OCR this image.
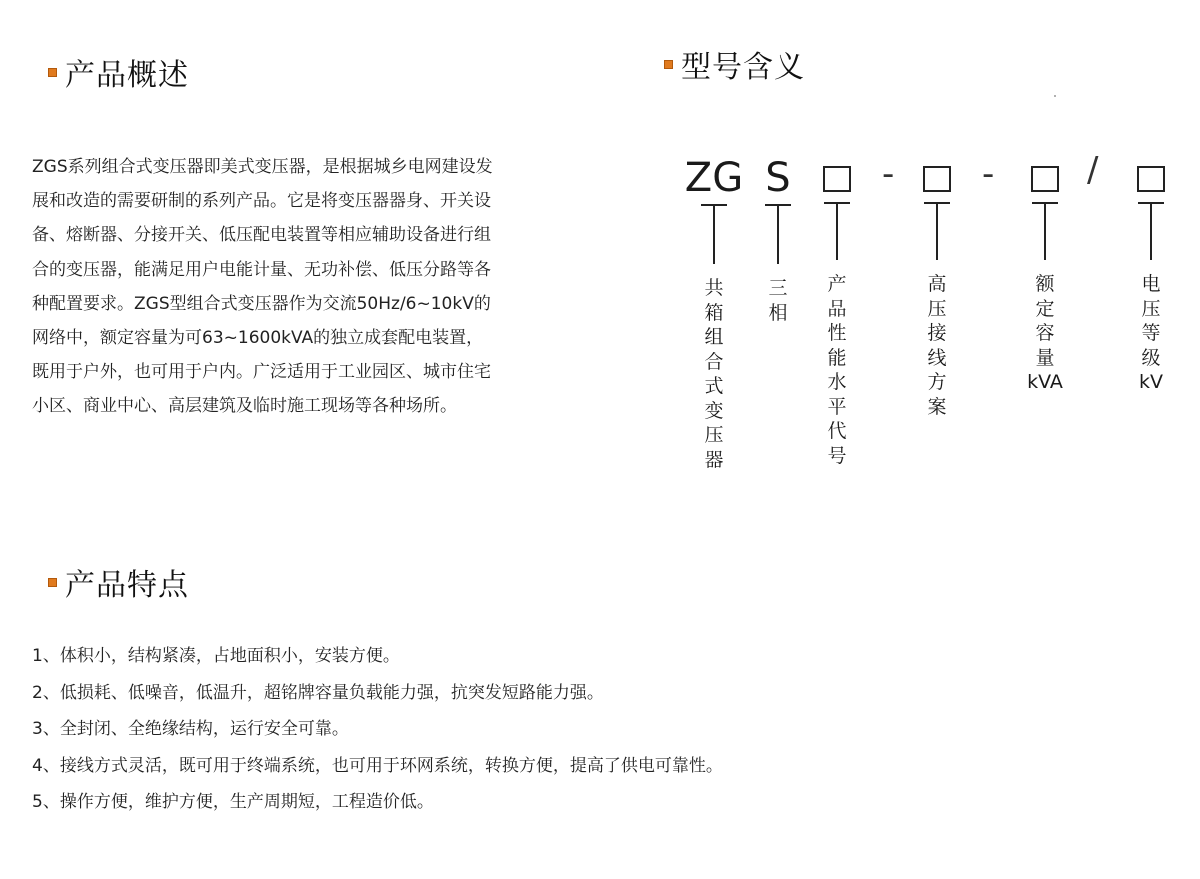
产品概述	型号含义
产品特点
ZGS系列组合式变压器即美式变压器，是根据城乡电网建设发
展和改造的需要研制的系列产品。它是将变压器器身、开关设
备、熔断器、分接开关、低压配电装置等相应辅助设备进行组
合的变压器，能满足用户电能计量、无功补偿、低压分路等各
种配置要求。ZGS型组合式变压器作为交流50Hz/6~10kV的
网络中，额定容量为可63~1600kVA的独立成套配电装置，
既用于户外，也可用于户内。广泛适用于工业园区、城市住宅
小区、商业中心、高层建筑及临时施工现场等各种场所。
ZG
共
箱
组
合
式
变
压
器
S
三
相
产
品
性
能
水
平
代
号
-
高
压
接
线
方
案
-
额
定
容
量
kVA
/
电
压
等
级
kV
1、体积小，结构紧凑，占地面积小，安装方便。
2、低损耗、低噪音，低温升，超铭牌容量负载能力强，抗突发短路能力强。
3、全封闭、全绝缘结构，运行安全可靠。
4、接线方式灵活，既可用于终端系统，也可用于环网系统，转换方便，提高了供电可靠性。
5、操作方便，维护方便，生产周期短，工程造价低。
